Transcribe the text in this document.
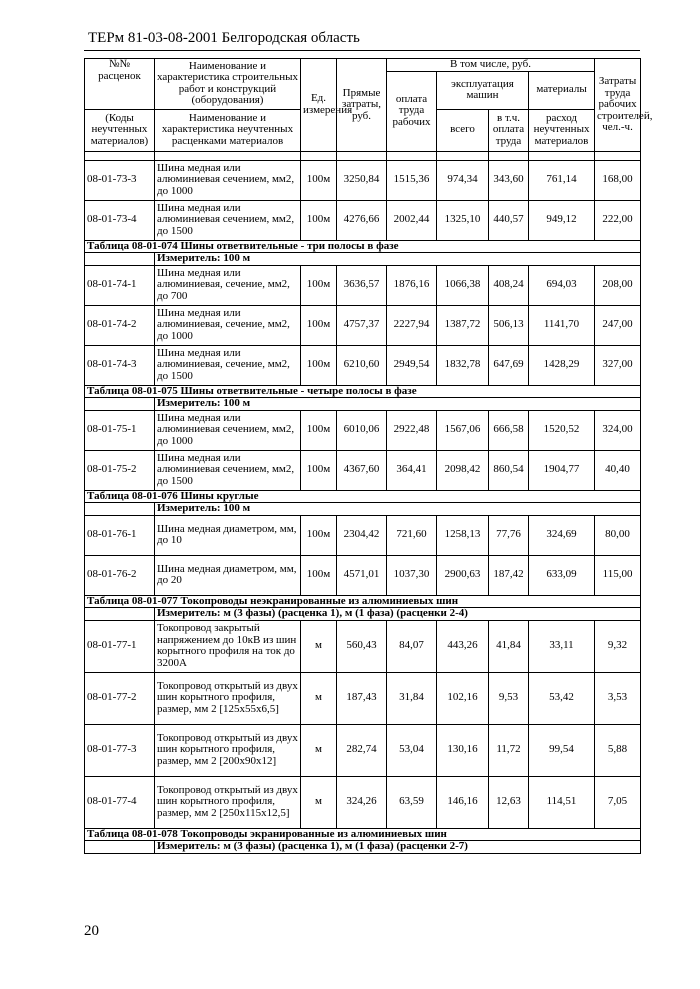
ТЕРм 81-03-08-2001 Белгородская область
№№ расценок	Наименование и характеристика строительных работ и конструкций (оборудования)	Ед. измерения	Прямые затраты, руб.	В том числе, руб.				Затраты труда рабочих строителей, чел.-ч.
				оплата труда рабочих	эксплуатация машин		материалы	

(Коды неучтенных материалов)	Наименование и характеристика неучтенных расценками материалов				всего	в т.ч. оплата труда	расход неучтенных материалов	

08-01-73-3	Шина медная или алюминиевая сечением, мм2, до 1000	100м	3250,84	1515,36	974,34	343,60	761,14	168,00
08-01-73-4	Шина медная или алюминиевая сечением, мм2, до 1500	100м	4276,66	2002,44	1325,10	440,57	949,12	222,00
Таблица 08-01-074 Шины ответвительные - три полосы в фазе								
	Измеритель: 100 м							
08-01-74-1	Шина медная или алюминиевая, сечение, мм2, до 700	100м	3636,57	1876,16	1066,38	408,24	694,03	208,00
08-01-74-2	Шина медная или алюминиевая, сечение, мм2, до 1000	100м	4757,37	2227,94	1387,72	506,13	1141,70	247,00
08-01-74-3	Шина медная или алюминиевая, сечение, мм2, до 1500	100м	6210,60	2949,54	1832,78	647,69	1428,29	327,00
Таблица 08-01-075 Шины ответвительные - четыре полосы в фазе								
	Измеритель: 100 м							
08-01-75-1	Шина медная или алюминиевая сечением, мм2, до 1000	100м	6010,06	2922,48	1567,06	666,58	1520,52	324,00
08-01-75-2	Шина медная или алюминиевая сечением, мм2, до 1500	100м	4367,60	364,41	2098,42	860,54	1904,77	40,40
Таблица 08-01-076 Шины круглые								
	Измеритель: 100 м							
08-01-76-1	Шина медная диаметром, мм, до 10	100м	2304,42	721,60	1258,13	77,76	324,69	80,00
08-01-76-2	Шина медная диаметром, мм, до 20	100м	4571,01	1037,30	2900,63	187,42	633,09	115,00
Таблица 08-01-077 Токопроводы неэкранированные из алюминиевых шин								
	Измеритель: м (3 фазы) (расценка 1), м (1 фаза) (расценки 2-4)							
08-01-77-1	Токопровод закрытый напряжением до 10кВ из шин корытного профиля на ток до 3200А	м	560,43	84,07	443,26	41,84	33,11	9,32
08-01-77-2	Токопровод открытый из двух шин корытного профиля, размер, мм 2 [125x55x6,5]	м	187,43	31,84	102,16	9,53	53,42	3,53
08-01-77-3	Токопровод открытый из двух шин корытного профиля, размер, мм 2 [200x90x12]	м	282,74	53,04	130,16	11,72	99,54	5,88
08-01-77-4	Токопровод открытый из двух шин корытного профиля, размер, мм 2 [250x115x12,5]	м	324,26	63,59	146,16	12,63	114,51	7,05
Таблица 08-01-078 Токопроводы экранированные из алюминиевых шин								
	Измеритель: м (3 фазы) (расценка 1), м (1 фаза) (расценки 2-7)							
20
